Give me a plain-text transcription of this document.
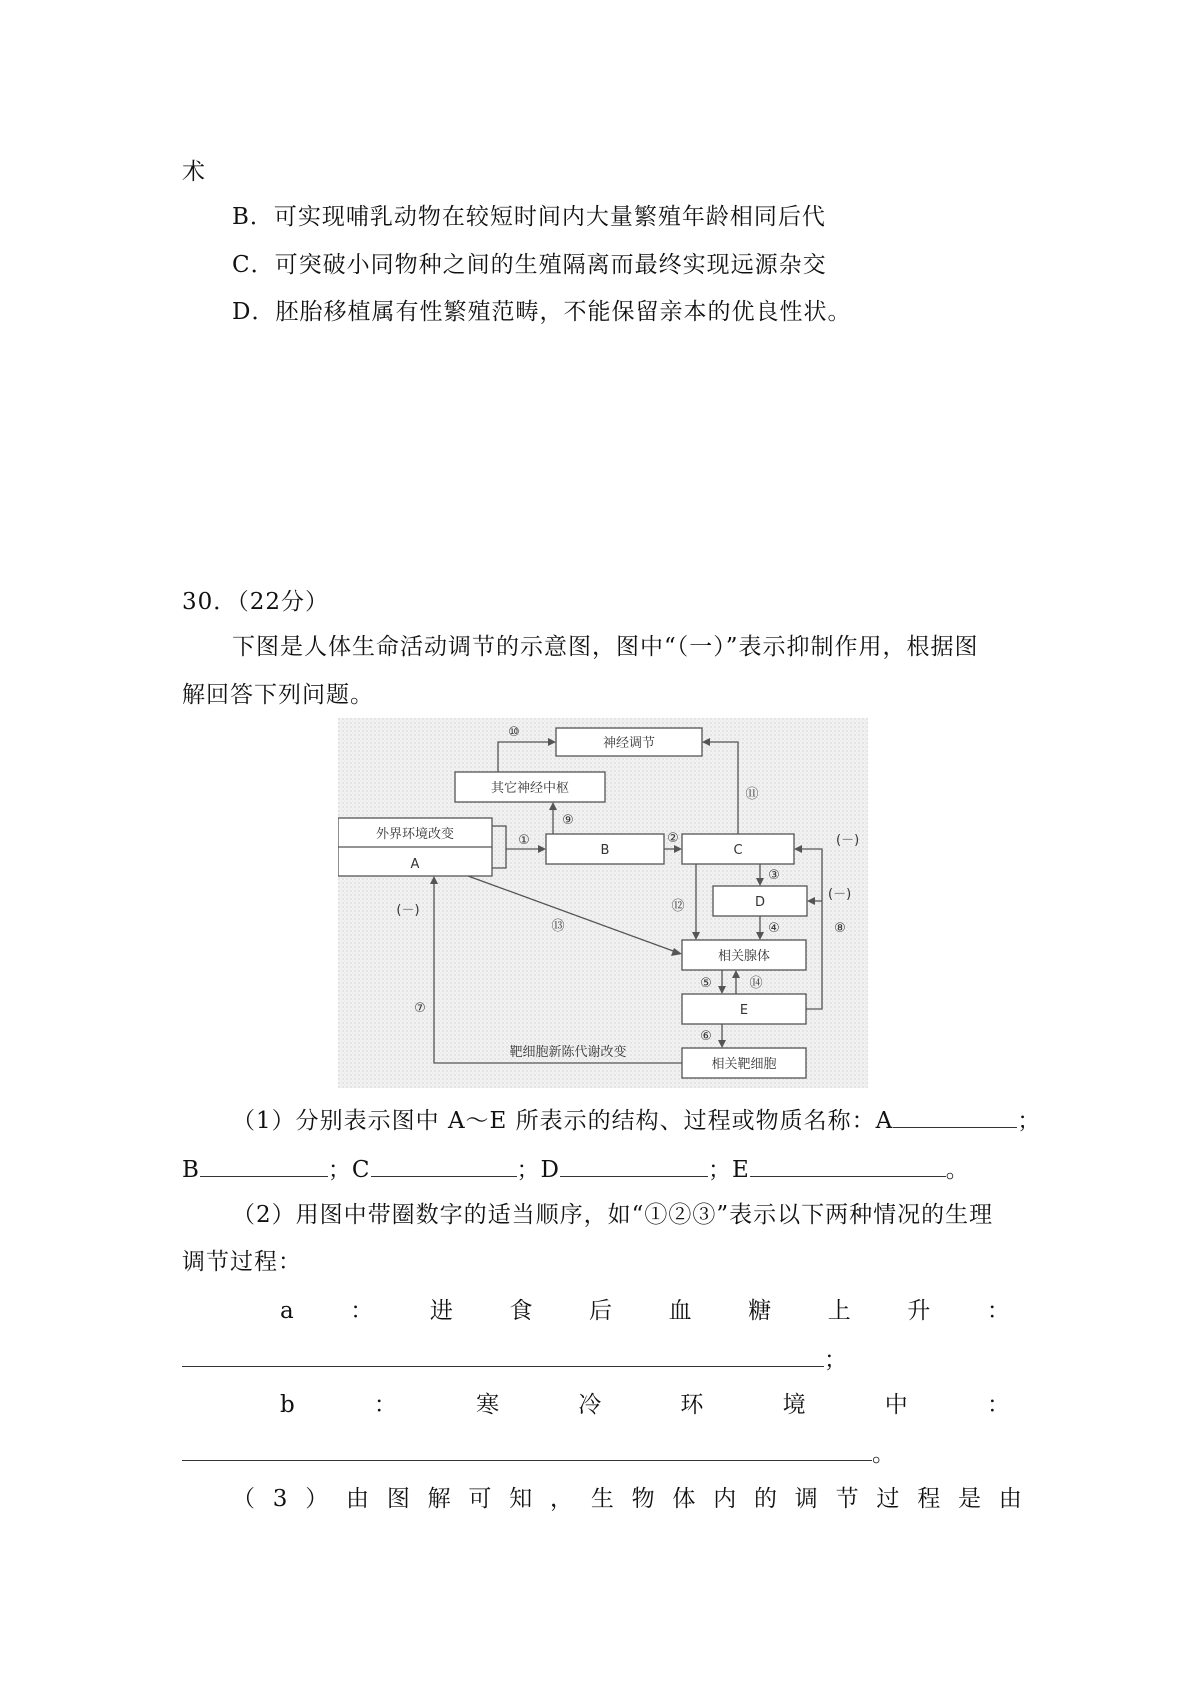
术
B．可实现哺乳动物在较短时间内大量繁殖年龄相同后代
C．可突破小同物种之间的生殖隔离而最终实现远源杂交
D．胚胎移植属有性繁殖范畴，不能保留亲本的优良性状。
30．（22分）
下图是人体生命活动调节的示意图，图中“（一）”表示抑制作用，根据图
解回答下列问题。
神经调节
其它神经中枢
外界环境改变
A
B	C
D
相关腺体
E
相关靶细胞
①	②
⑨
⑩
⑪
③
④
⑫
⑤	⑭
⑥
⑬
(－)
(－)
⑧
靶细胞新陈代谢改变
(－)
⑦
（1）分别表示图中 A～E 所表示的结构、过程或物质名称：A	；
B	；C	；D	；E	。
（2）用图中带圈数字的适当顺序，如“①②③”表示以下两种情况的生理
调节过程：
a ： 进 食 后 血 糖 上 升 ：
；
b	：	寒	冷	环	境	中	：
。
（ 3 ） 由 图 解 可 知 ， 生 物 体 内 的 调 节 过 程 是 由
